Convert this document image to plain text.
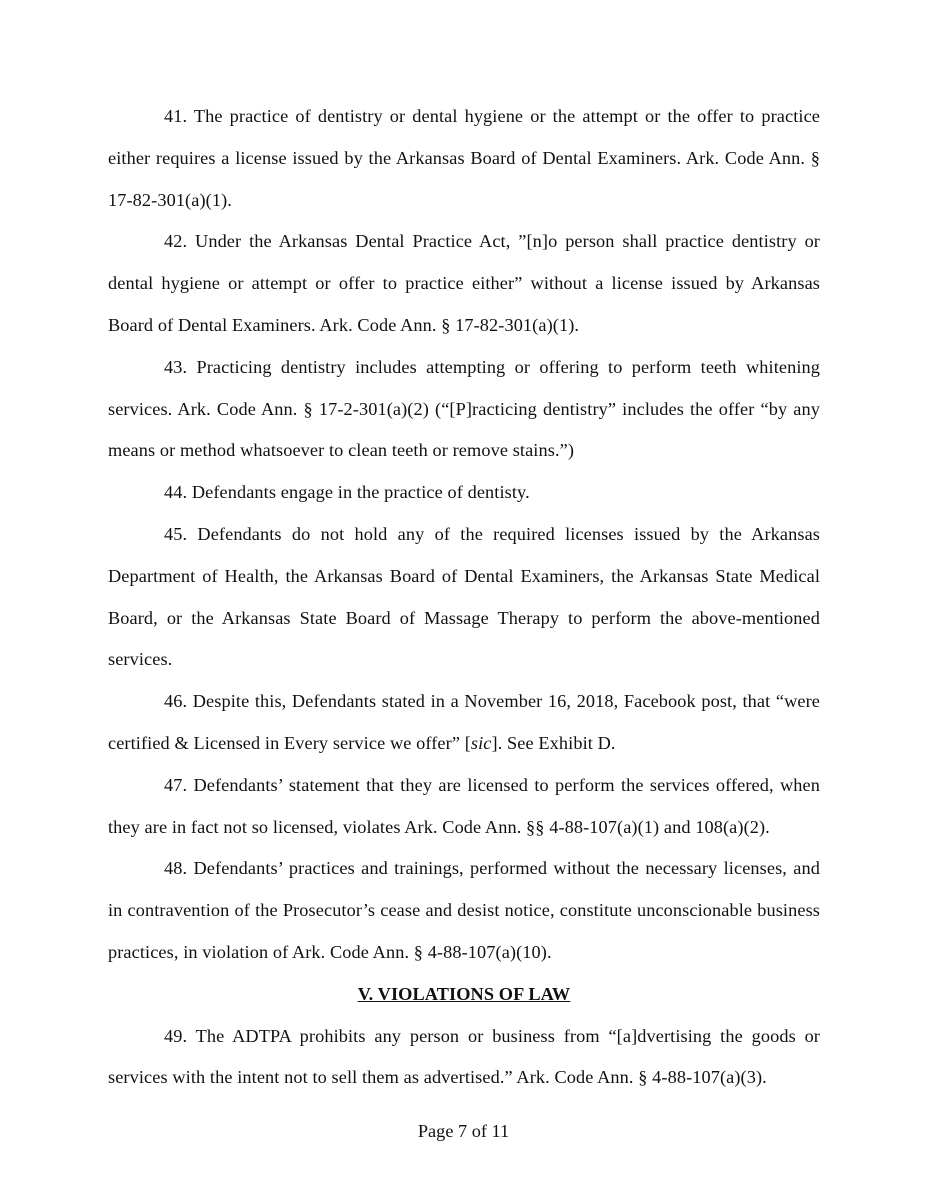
41. The practice of dentistry or dental hygiene or the attempt or the offer to practice either requires a license issued by the Arkansas Board of Dental Examiners. Ark. Code Ann. § 17-82-301(a)(1).

42. Under the Arkansas Dental Practice Act, ”[n]o person shall practice dentistry or dental hygiene or attempt or offer to practice either” without a license issued by Arkansas Board of Dental Examiners. Ark. Code Ann. § 17-82-301(a)(1).

43. Practicing dentistry includes attempting or offering to perform teeth whitening services. Ark. Code Ann. § 17-2-301(a)(2) (“[P]racticing dentistry” includes the offer “by any means or method whatsoever to clean teeth or remove stains.”)

44. Defendants engage in the practice of dentisty.

45. Defendants do not hold any of the required licenses issued by the Arkansas Department of Health, the Arkansas Board of Dental Examiners, the Arkansas State Medical Board, or the Arkansas State Board of Massage Therapy to perform the above-mentioned services.

46. Despite this, Defendants stated in a November 16, 2018, Facebook post, that “were certified & Licensed in Every service we offer” [sic]. See Exhibit D.

47. Defendants’ statement that they are licensed to perform the services offered, when they are in fact not so licensed, violates Ark. Code Ann. §§ 4-88-107(a)(1) and 108(a)(2).

48. Defendants’ practices and trainings, performed without the necessary licenses, and in contravention of the Prosecutor’s cease and desist notice, constitute unconscionable business practices, in violation of Ark. Code Ann. § 4-88-107(a)(10).

V. VIOLATIONS OF LAW

49. The ADTPA prohibits any person or business from “[a]dvertising the goods or services with the intent not to sell them as advertised.” Ark. Code Ann. § 4-88-107(a)(3).

Page 7 of 11
